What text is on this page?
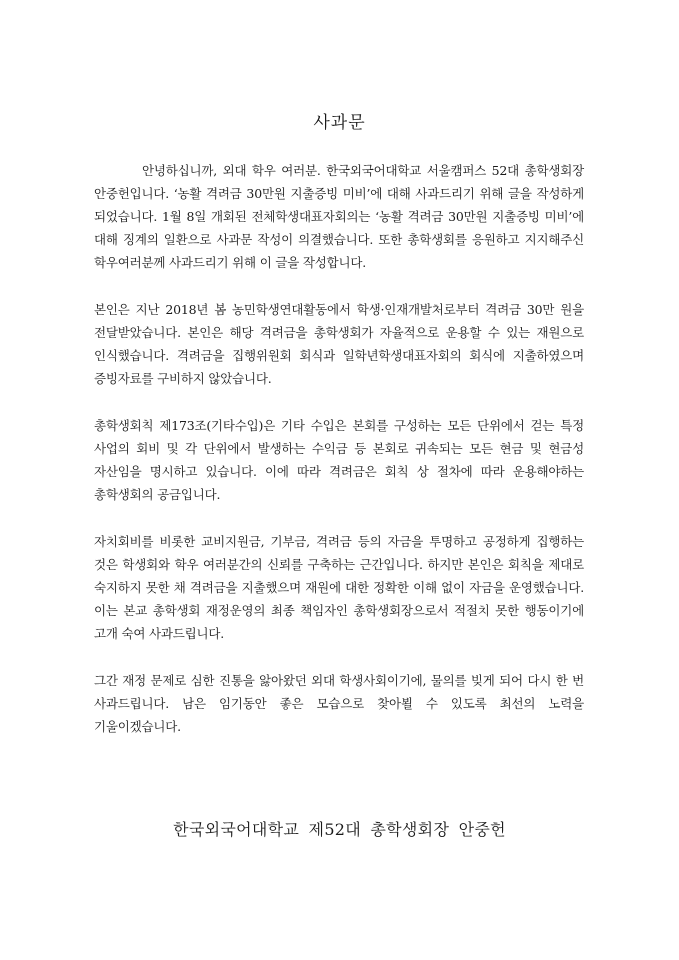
사과문

안녕하십니까, 외대 학우 여러분. 한국외국어대학교 서울캠퍼스 52대 총학생회장 안중헌입니다. ‘농활 격려금 30만원 지출증빙 미비’에 대해 사과드리기 위해 글을 작성하게 되었습니다. 1월 8일 개회된 전체학생대표자회의는 ‘농활 격려금 30만원 지출증빙 미비’에 대해 징계의 일환으로 사과문 작성이 의결했습니다. 또한 총학생회를 응원하고 지지해주신 학우여러분께 사과드리기 위해 이 글을 작성합니다.

본인은 지난 2018년 봄 농민학생연대활동에서 학생·인재개발처로부터 격려금 30만 원을 전달받았습니다. 본인은 해당 격려금을 총학생회가 자율적으로 운용할 수 있는 재원으로 인식했습니다. 격려금을 집행위원회 회식과 일학년학생대표자회의 회식에 지출하였으며 증빙자료를 구비하지 않았습니다.

총학생회칙 제173조(기타수입)은 기타 수입은 본회를 구성하는 모든 단위에서 걷는 특정 사업의 회비 및 각 단위에서 발생하는 수익금 등 본회로 귀속되는 모든 현금 및 현금성 자산임을 명시하고 있습니다. 이에 따라 격려금은 회칙 상 절차에 따라 운용해야하는 총학생회의 공금입니다.

자치회비를 비롯한 교비지원금, 기부금, 격려금 등의 자금을 투명하고 공정하게 집행하는 것은 학생회와 학우 여러분간의 신뢰를 구축하는 근간입니다. 하지만 본인은 회칙을 제대로 숙지하지 못한 채 격려금을 지출했으며 재원에 대한 정확한 이해 없이 자금을 운영했습니다. 이는 본교 총학생회 재정운영의 최종 책임자인 총학생회장으로서 적절치 못한 행동이기에 고개 숙여 사과드립니다.

그간 재정 문제로 심한 진통을 앓아왔던 외대 학생사회이기에, 물의를 빚게 되어 다시 한 번 사과드립니다. 남은 임기동안 좋은 모습으로 찾아뵐 수 있도록 최선의 노력을 기울이겠습니다.

한국외국어대학교 제52대 총학생회장 안중헌
